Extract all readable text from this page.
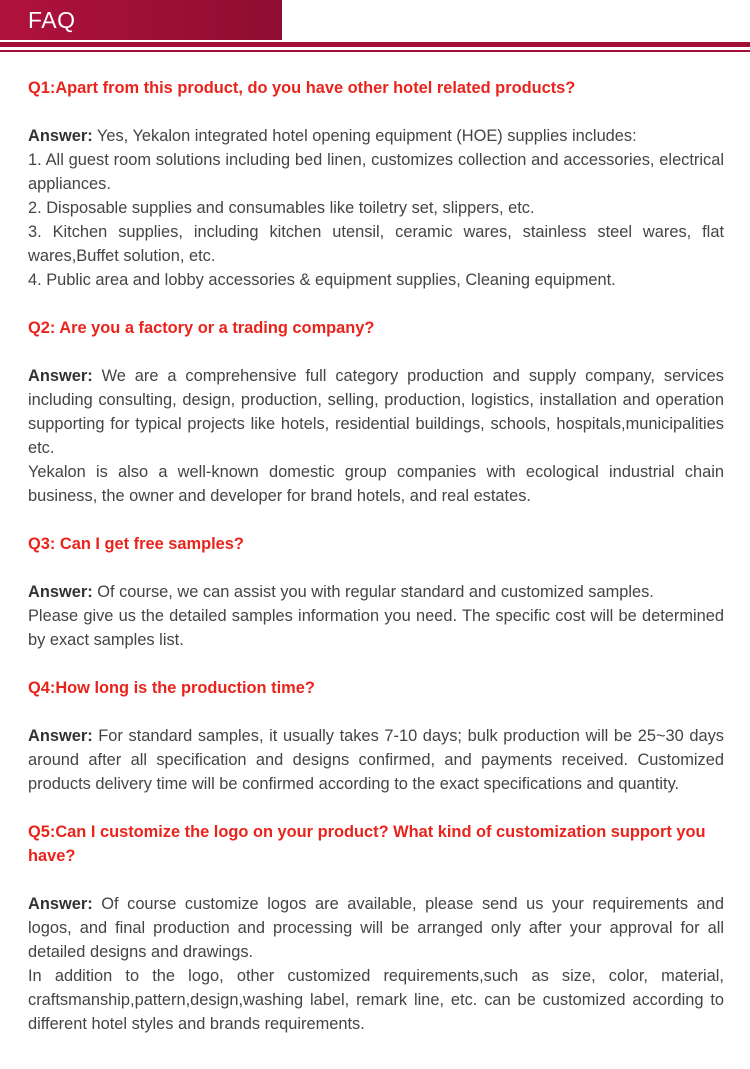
FAQ

Q1:Apart from this product, do you have other hotel related products?

Answer: Yes, Yekalon integrated hotel opening equipment (HOE) supplies includes:

1. All guest room solutions including bed linen, customizes collection and accessories, electrical appliances.

2. Disposable supplies and consumables like toiletry set, slippers, etc.

3. Kitchen supplies, including kitchen utensil, ceramic wares, stainless steel wares, flat wares,Buffet solution, etc.

4. Public area and lobby accessories & equipment supplies, Cleaning equipment.

Q2: Are you a factory or a trading company?

Answer: We are a comprehensive full category production and supply company, services including consulting, design, production, selling, production, logistics, installation and operation supporting for typical projects like hotels, residential buildings, schools, hospitals,municipalities etc.

Yekalon is also a well-known domestic group companies with ecological industrial chain business, the owner and developer for brand hotels, and real estates.

Q3: Can I get free samples?

Answer: Of course, we can assist you with regular standard and customized samples.

Please give us the detailed samples information you need. The specific cost will be determined by exact samples list.

Q4:How long is the production time?

Answer: For standard samples, it usually takes 7-10 days; bulk production will be 25~30 days around after all specification and designs confirmed, and payments received. Customized products delivery time will be confirmed according to the exact specifications and quantity.

Q5:Can I customize the logo on your product? What kind of customization support you have?

Answer: Of course customize logos are available, please send us your requirements and logos, and final production and processing will be arranged only after your approval for all detailed designs and drawings.

In addition to the logo, other customized requirements,such as size, color, material, craftsmanship,pattern,design,washing label, remark line, etc. can be customized according to different hotel styles and brands requirements.
